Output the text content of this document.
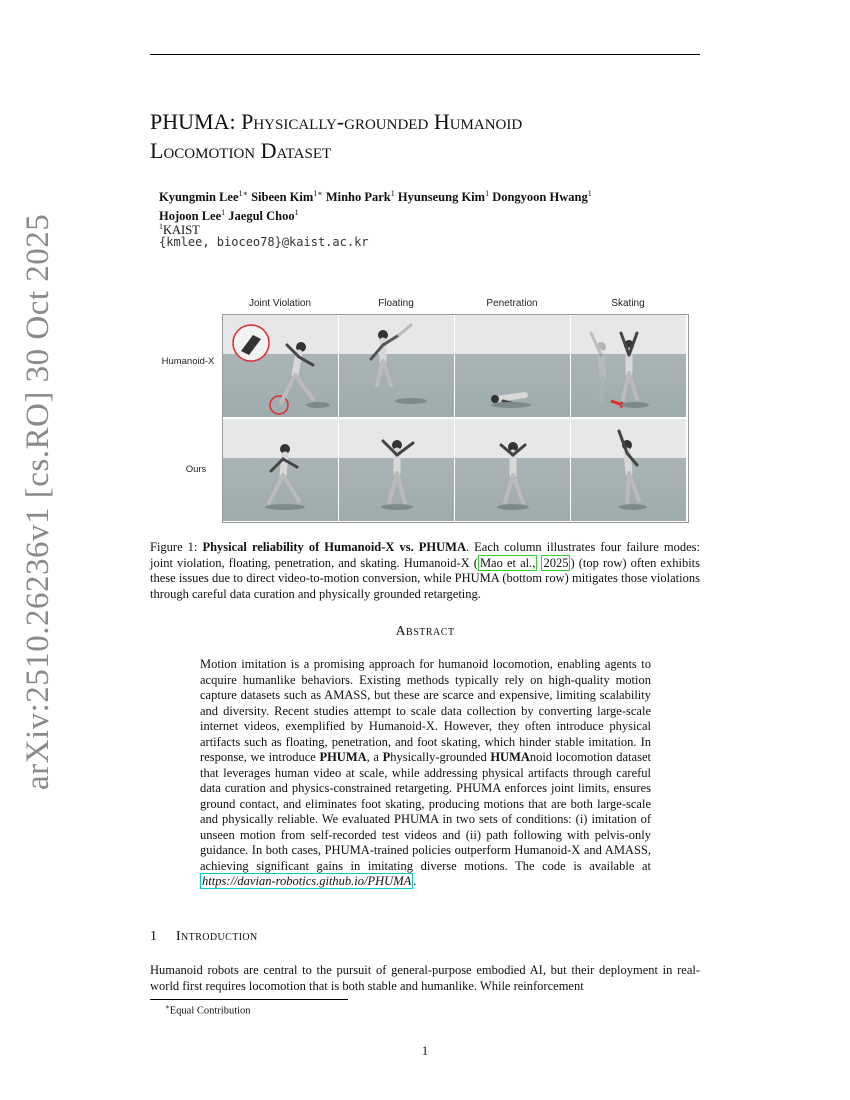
arXiv:2510.26236v1 [cs.RO] 30 Oct 2025
PHUMA: Physically-grounded Humanoid
Locomotion Dataset
Kyungmin Lee$^{1∗}$ Sibeen Kim$^{1∗}$ Minho Park$^1$ Hyunseung Kim$^1$ Dongyoon Hwang$^1$
Hojoon Lee$^1$ Jaegul Choo$^1$
$^1$KAIST
{kmlee, bioceo78}@kaist.ac.kr
Joint Violation	Floating	Penetration	Skating
Humanoid-X
Ours
Figure 1: Physical reliability of Humanoid-X vs. PHUMA. Each column illustrates four failure modes: joint violation, floating, penetration, and skating. Humanoid-X ( Mao et al., 2025 ) (top row) often exhibits these issues due to direct video-to-motion conversion, while PHUMA (bottom row) mitigates those violations through careful data curation and physically grounded retargeting.
Abstract
Motion imitation is a promising approach for humanoid locomotion, enabling agents to acquire humanlike behaviors. Existing methods typically rely on high-quality motion capture datasets such as AMASS, but these are scarce and expensive, limiting scalability and diversity. Recent studies attempt to scale data collection by converting large-scale internet videos, exemplified by Humanoid-X. However, they often introduce physical artifacts such as floating, penetration, and foot skating, which hinder stable imitation. In response, we introduce PHUMA, a Physically-grounded HUMAnoid locomotion dataset that leverages human video at scale, while addressing physical artifacts through careful data curation and physics-constrained retargeting. PHUMA enforces joint limits, ensures ground contact, and eliminates foot skating, producing motions that are both large-scale and physically reliable. We evaluated PHUMA in two sets of conditions: (i) imitation of unseen motion from self-recorded test videos and (ii) path following with pelvis-only guidance. In both cases, PHUMA-trained policies outperform Humanoid-X and AMASS, achieving significant gains in imitating diverse motions. The code is available at https://davian-robotics.github.io/PHUMA .
1 Introduction
Humanoid robots are central to the pursuit of general-purpose embodied AI, but their deployment in real-world first requires locomotion that is both stable and humanlike. While reinforcement
∗Equal Contribution
1
